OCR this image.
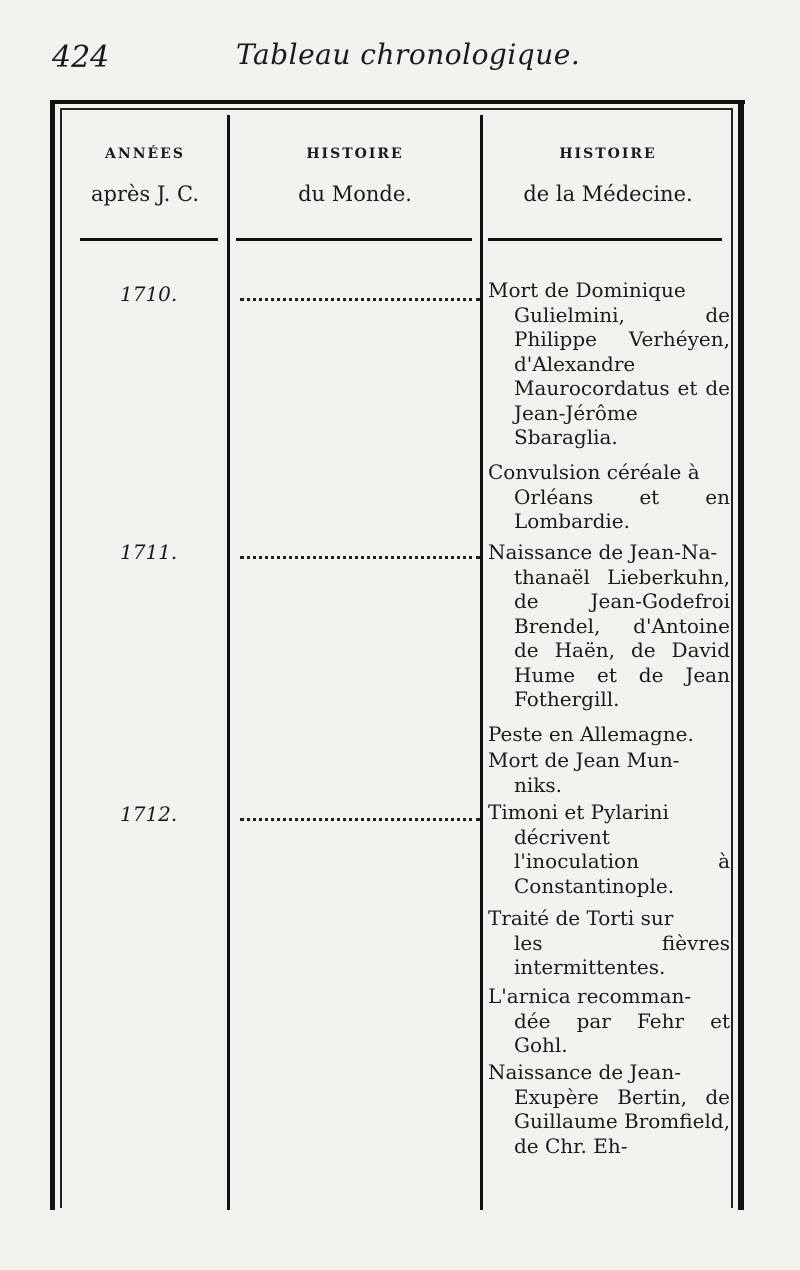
424	Tableau chronologique.
ANNÉES
après J. C.
HISTOIRE
du Monde.
HISTOIRE
de la Médecine.
1710.
1711.
1712.
Mort de Dominique
Gulielmini, de Philippe Verhéyen, d'Alexandre Maurocordatus et de Jean-Jérôme Sbaraglia.
Convulsion céréale à
Orléans et en Lombardie.
Naissance de Jean-Na-
thanaël Lieberkuhn, de Jean-Godefroi Brendel, d'Antoine de Haën, de David Hume et de Jean Fothergill.
Peste en Allemagne.
Mort de Jean Mun-
niks.
Timoni et Pylarini
décrivent l'inoculation à Constantinople.
Traité de Torti sur
les fièvres intermittentes.
L'arnica recomman-
dée par Fehr et Gohl.
Naissance de Jean-
Exupère Bertin, de Guillaume Bromfield, de Chr. Eh-
